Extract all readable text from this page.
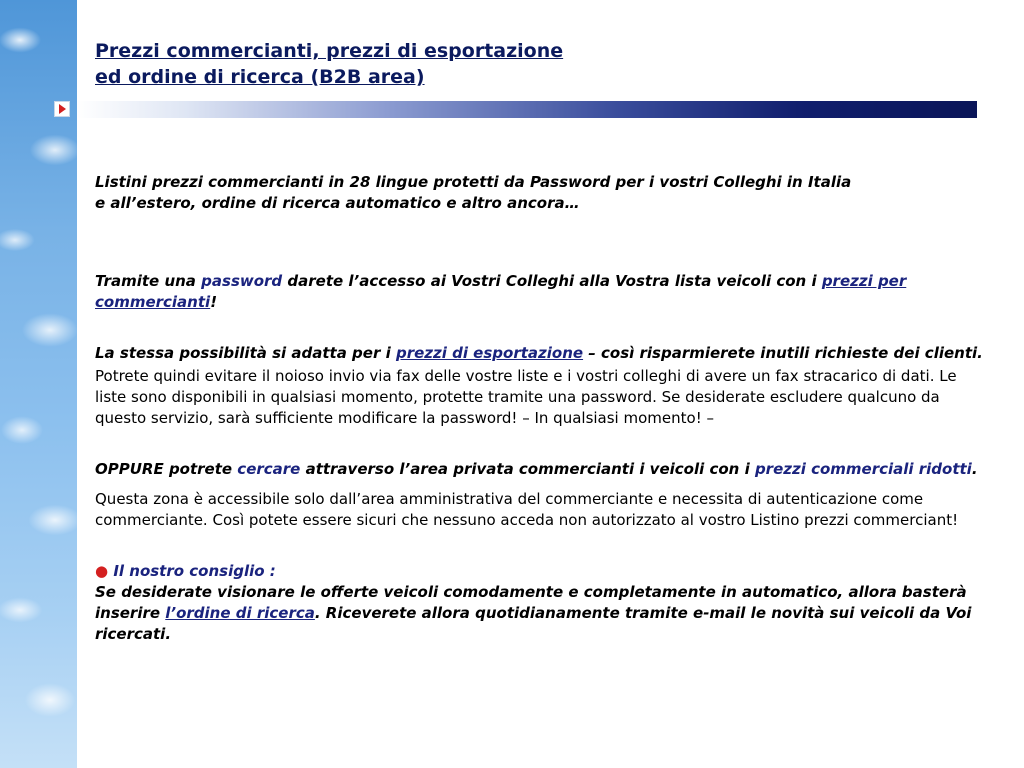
Prezzi commercianti, prezzi di esportazione
ed ordine di ricerca (B2B area)

Listini prezzi commercianti in 28 lingue protetti da Password per i vostri Colleghi in Italia
e all’estero, ordine di ricerca automatico e altro ancora…

Tramite una password darete l’accesso ai Vostri Colleghi alla Vostra lista veicoli con i prezzi per commercianti!

La stessa possibilità si adatta per i prezzi di esportazione – così risparmierete inutili richieste dei clienti.

Potrete quindi evitare il noioso invio via fax delle vostre liste e i vostri colleghi di avere un fax stracarico di dati. Le liste sono disponibili in qualsiasi momento, protette tramite una password. Se desiderate escludere qualcuno da questo servizio, sarà sufficiente modificare la password! – In qualsiasi momento! –

OPPURE potrete cercare attraverso l’area privata commercianti i veicoli con i prezzi commerciali ridotti.

Questa zona è accessibile solo dall’area amministrativa del commerciante e necessita di autenticazione come commerciante. Così potete essere sicuri che nessuno acceda non autorizzato al vostro Listino prezzi commerciant!

● Il nostro consiglio :

Se desiderate visionare le offerte veicoli comodamente e completamente in automatico, allora basterà inserire l’ordine di ricerca. Riceverete allora quotidianamente tramite e-mail le novità sui veicoli da Voi ricercati.
